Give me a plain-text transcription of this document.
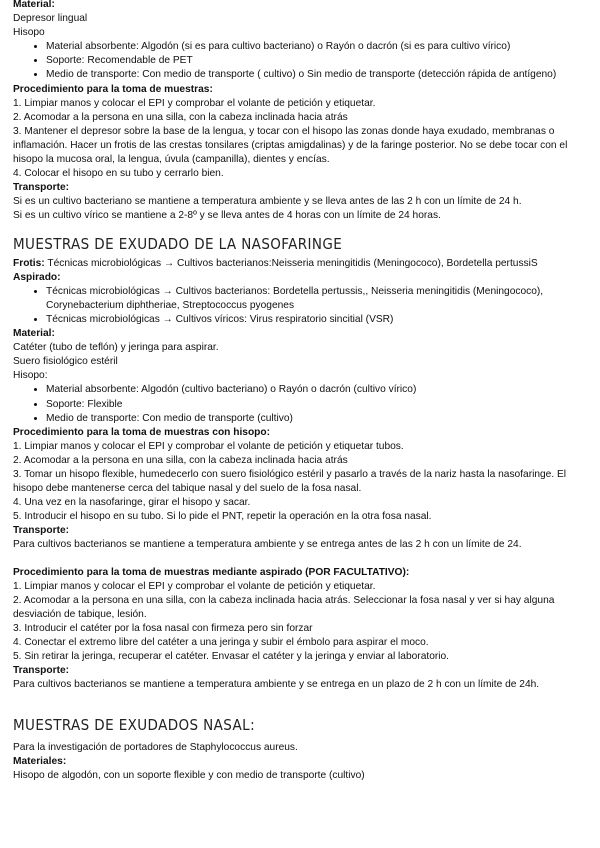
Material:

Depresor lingual

Hisopo

• Material absorbente: Algodón (si es para cultivo bacteriano) o Rayón o dacrón (si es para cultivo vírico)
• Soporte: Recomendable de PET
• Medio de transporte: Con medio de transporte ( cultivo) o Sin medio de transporte (detección rápida de antígeno)

Procedimiento para la toma de muestras:

1. Limpiar manos y colocar el EPI y comprobar el volante de petición y etiquetar.

2. Acomodar a la persona en una silla, con la cabeza inclinada hacia atrás

3. Mantener el depresor sobre la base de la lengua, y tocar con el hisopo las zonas donde haya exudado, membranas o inflamación. Hacer un frotis de las crestas tonsilares (criptas amigdalinas) y de la faringe posterior. No se debe tocar con el hisopo la mucosa oral, la lengua, úvula (campanilla), dientes y encías.

4. Colocar el hisopo en su tubo y cerrarlo bien.

Transporte:

Si es un cultivo bacteriano se mantiene a temperatura ambiente y se lleva antes de las 2 h con un límite de 24 h.

Si es un cultivo vírico se mantiene a 2-8º y se lleva antes de 4 horas con un límite de 24 horas.

MUESTRAS DE EXUDADO DE LA NASOFARINGE

Frotis: Técnicas microbiológicas → Cultivos bacterianos:Neisseria meningitidis (Meningococo), Bordetella pertussiS

Aspirado:

• Técnicas microbiológicas → Cultivos bacterianos: Bordetella pertussis,, Neisseria meningitidis (Meningococo), Corynebacterium diphtheriae, Streptococcus pyogenes
• Técnicas microbiológicas → Cultivos víricos: Virus respiratorio sincitial (VSR)

Material:

Catéter (tubo de teflón) y jeringa para aspirar.

Suero fisiológico estéril

Hisopo:

• Material absorbente: Algodón (cultivo bacteriano) o Rayón o dacrón (cultivo vírico)
• Soporte: Flexible
• Medio de transporte: Con medio de transporte (cultivo)

Procedimiento para la toma de muestras con hisopo:

1. Limpiar manos y colocar el EPI y comprobar el volante de petición y etiquetar tubos.

2. Acomodar a la persona en una silla, con la cabeza inclinada hacia atrás

3. Tomar un hisopo flexible, humedecerlo con suero fisiológico estéril y pasarlo a través de la nariz hasta la nasofaringe. El hisopo debe mantenerse cerca del tabique nasal y del suelo de la fosa nasal.

4. Una vez en la nasofaringe, girar el hisopo y sacar.

5. Introducir el hisopo en su tubo. Si lo pide el PNT, repetir la operación en la otra fosa nasal.

Transporte:

Para cultivos bacterianos se mantiene a temperatura ambiente y se entrega antes de las 2 h con un límite de 24.

Procedimiento para la toma de muestras mediante aspirado (POR FACULTATIVO):

1. Limpiar manos y colocar el EPI y comprobar el volante de petición y etiquetar.

2. Acomodar a la persona en una silla, con la cabeza inclinada hacia atrás. Seleccionar la fosa nasal y ver si hay alguna desviación de tabique, lesión.

3. Introducir el catéter por la fosa nasal con firmeza pero sin forzar

4. Conectar el extremo libre del catéter a una jeringa y subir el émbolo para aspirar el moco.

5. Sin retirar la jeringa, recuperar el catéter. Envasar el catéter y la jeringa y enviar al laboratorio.

Transporte:

Para cultivos bacterianos se mantiene a temperatura ambiente y se entrega en un plazo de 2 h con un límite de 24h.

MUESTRAS DE EXUDADOS NASAL:

Para la investigación de portadores de Staphylococcus aureus.

Materiales:

Hisopo de algodón, con un soporte flexible y con medio de transporte (cultivo)
